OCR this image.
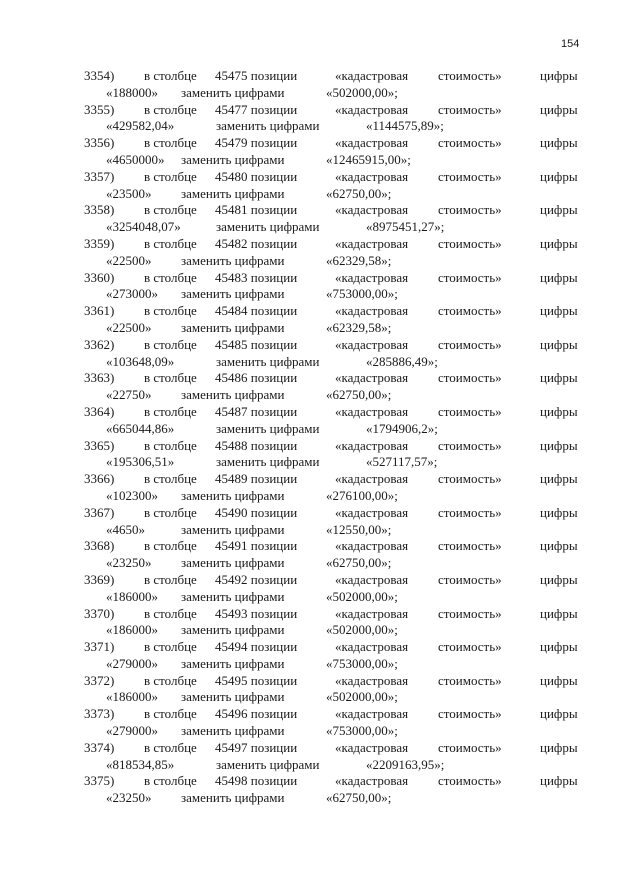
154
3354) в столбце 45475 позиции	«кадастровая стоимость»	цифры
«188000» заменить цифрами	«502000,00»;
3355) в столбце 45477 позиции	«кадастровая стоимость»	цифры
«429582,04»	заменить цифрами	«1144575,89»;
3356) в столбце 45479 позиции	«кадастровая стоимость»	цифры
«4650000» заменить цифрами	«12465915,00»;
3357) в столбце 45480 позиции	«кадастровая стоимость»	цифры
«23500» заменить цифрами	«62750,00»;
3358) в столбце 45481 позиции	«кадастровая стоимость»	цифры
«3254048,07»	заменить цифрами	«8975451,27»;
3359) в столбце 45482 позиции	«кадастровая стоимость»	цифры
«22500» заменить цифрами	«62329,58»;
3360) в столбце 45483 позиции	«кадастровая стоимость»	цифры
«273000» заменить цифрами	«753000,00»;
3361) в столбце 45484 позиции	«кадастровая стоимость»	цифры
«22500» заменить цифрами	«62329,58»;
3362) в столбце 45485 позиции	«кадастровая стоимость»	цифры
«103648,09»	заменить цифрами	«285886,49»;
3363) в столбце 45486 позиции	«кадастровая стоимость»	цифры
«22750» заменить цифрами	«62750,00»;
3364) в столбце 45487 позиции	«кадастровая стоимость»	цифры
«665044,86»	заменить цифрами	«1794906,2»;
3365) в столбце 45488 позиции	«кадастровая стоимость»	цифры
«195306,51»	заменить цифрами	«527117,57»;
3366) в столбце 45489 позиции	«кадастровая стоимость»	цифры
«102300» заменить цифрами	«276100,00»;
3367) в столбце 45490 позиции	«кадастровая стоимость»	цифры
«4650»	заменить цифрами	«12550,00»;
3368) в столбце 45491 позиции	«кадастровая стоимость»	цифры
«23250» заменить цифрами	«62750,00»;
3369) в столбце 45492 позиции	«кадастровая стоимость»	цифры
«186000» заменить цифрами	«502000,00»;
3370) в столбце 45493 позиции	«кадастровая стоимость»	цифры
«186000» заменить цифрами	«502000,00»;
3371) в столбце 45494 позиции	«кадастровая стоимость»	цифры
«279000» заменить цифрами	«753000,00»;
3372) в столбце 45495 позиции	«кадастровая стоимость»	цифры
«186000» заменить цифрами	«502000,00»;
3373) в столбце 45496 позиции	«кадастровая стоимость»	цифры
«279000» заменить цифрами	«753000,00»;
3374) в столбце 45497 позиции	«кадастровая стоимость»	цифры
«818534,85»	заменить цифрами	«2209163,95»;
3375) в столбце 45498 позиции	«кадастровая стоимость»	цифры
«23250» заменить цифрами	«62750,00»;
